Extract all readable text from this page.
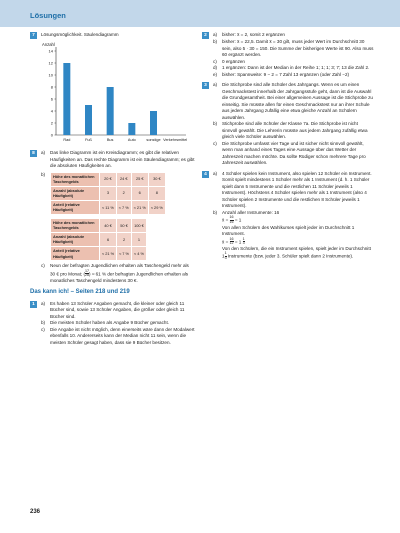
Lösungen
7 Lösungsmöglichkeit. Säulendiagramm
Anzahl
0
2
4
6
8
10
12
14
Rad	Fuß	Bus	Auto	sonstige Verkehrsmittel
8	a)	Das linke Diagramm ist ein Kreisdiagramm; es gibt die relativen Häufigkeiten an. Das rechte Diagramm ist ein Säulendiagramm; es gibt die absoluten Häufigkeiten an.
b)	Höhe des monatlichen Taschengelds	20 €	24 €	25 €	30 €
Anzahl (absolute Häufigkeit)	3	2	6	8
Anteil (relative Häufigkeit)	≈ 11 %	≈ 7 %	≈ 21 %	≈ 29 %
Höhe des monatlichen Taschengelds	40 €	50 €	100 €
Anzahl (absolute Häufigkeit)	6	2	1
Anteil (relative Häufigkeit)	≈ 21 %	≈ 7 %	≈ 4 %
c)	Neun der befragten Jugendlichen erhalten als Taschengeld mehr als 30 € pro Monat; ( $\frac{17}{28}$ ) ≈ 61 % der befragten Jugendlichen erhalten als monatliches Taschengeld mindestens 30 €.
Das kann ich! – Seiten 218 und 219
1	a)	Es haben 13 Schüler Angaben gemacht, die kleiner oder gleich 11 Bücher sind, sowie 13 Schüler Angaben, die größer oder gleich 11 Bücher sind.
b)	Die meisten Schüler haben als Angabe 9 Bücher gemacht.
c)	Die Angabe ist nicht möglich, denn einerseits wäre dann der Modalwert ebenfalls 10. Andererseits kann der Median nicht 11 sein, wenn die meisten Schüler gesagt haben, dass sie 9 Bücher besitzen.
2	a)	bisher: x̄ = 2, somit 2 ergänzen
b)	bisher: x̄ = 22,5. Damit x̄ = 30 gilt, muss jeder Wert im Durchschnitt 30 sein, also 5 · 30 = 150. Die Summe der bisherigen Werte ist 90. Also muss 60 ergänzt werden.
c)	0 ergänzen
d)	1 ergänzen: Dann ist der Median in der Reihe 1; 1; 1; 3; 7; 13 die Zahl 2.
e)	bisher: Spannweite: 9 − 2 = 7 Zahl 13 ergänzen (oder Zahl −2)
3	a)	Die Stichprobe sind alle Schüler des Jahrgangs. Wenn es um einen Geschmackstest innerhalb der Jahrgangsstufe geht, dann ist die Auswahl die Grundgesamtheit. Bei einer allgemeinen Aussage ist die Stichprobe zu einseitig. Sie müsste allen für einen Geschmackstest nur an ihrer Schule aus jedem Jahrgang zufällig eine etwa gleiche Anzahl an Schülern auswählen.
b)	Stichprobe sind alle Schüler der Klasse 7a. Die Stichprobe ist nicht sinnvoll gewählt. Die Lehrerin müsste aus jedem Jahrgang zufällig etwa gleich viele Schüler auswählen.
c)	Die Stichprobe umfasst vier Tage und ist sicher nicht sinnvoll gewählt, wenn man anhand eines Tages eine Aussage über das Wetter der Jahreszeit machen möchte. Da sollte Rüdiger schon mehrere Tage pro Jahreszeit auswählen.
4	a)	4 Schüler spielen kein Instrument, also spielen 12 Schüler ein Instrument. Somit spielt mindestens 1 Schüler mehr als 1 Instrument (d. h. 1 Schüler spielt dann 5 Instrumente und die restlichen 11 Schüler jeweils 1 Instrument). Höchstens 4 Schüler spielen mehr als 1 Instrument (also 4 Schüler spielen 2 Instrumente und die restlichen 8 Schüler jeweils 1 Instrument).
b)	Anzahl aller Instrumente: 16
x̄ = $\frac{16}{16} = 1$
Von allen Schülern des Wahlkurses spielt jeder im Durchschnitt 1 Instrument.
x̄ = $\frac{16}{12} = 1 \frac{1}{3}$

Von den Schülern, die ein Instrument spielen, spielt jeder im Durchschnitt $1 \frac{1}{3}$ Instrumente (bzw. jeder 3. Schüler spielt dann 2 Instrumente).
236
